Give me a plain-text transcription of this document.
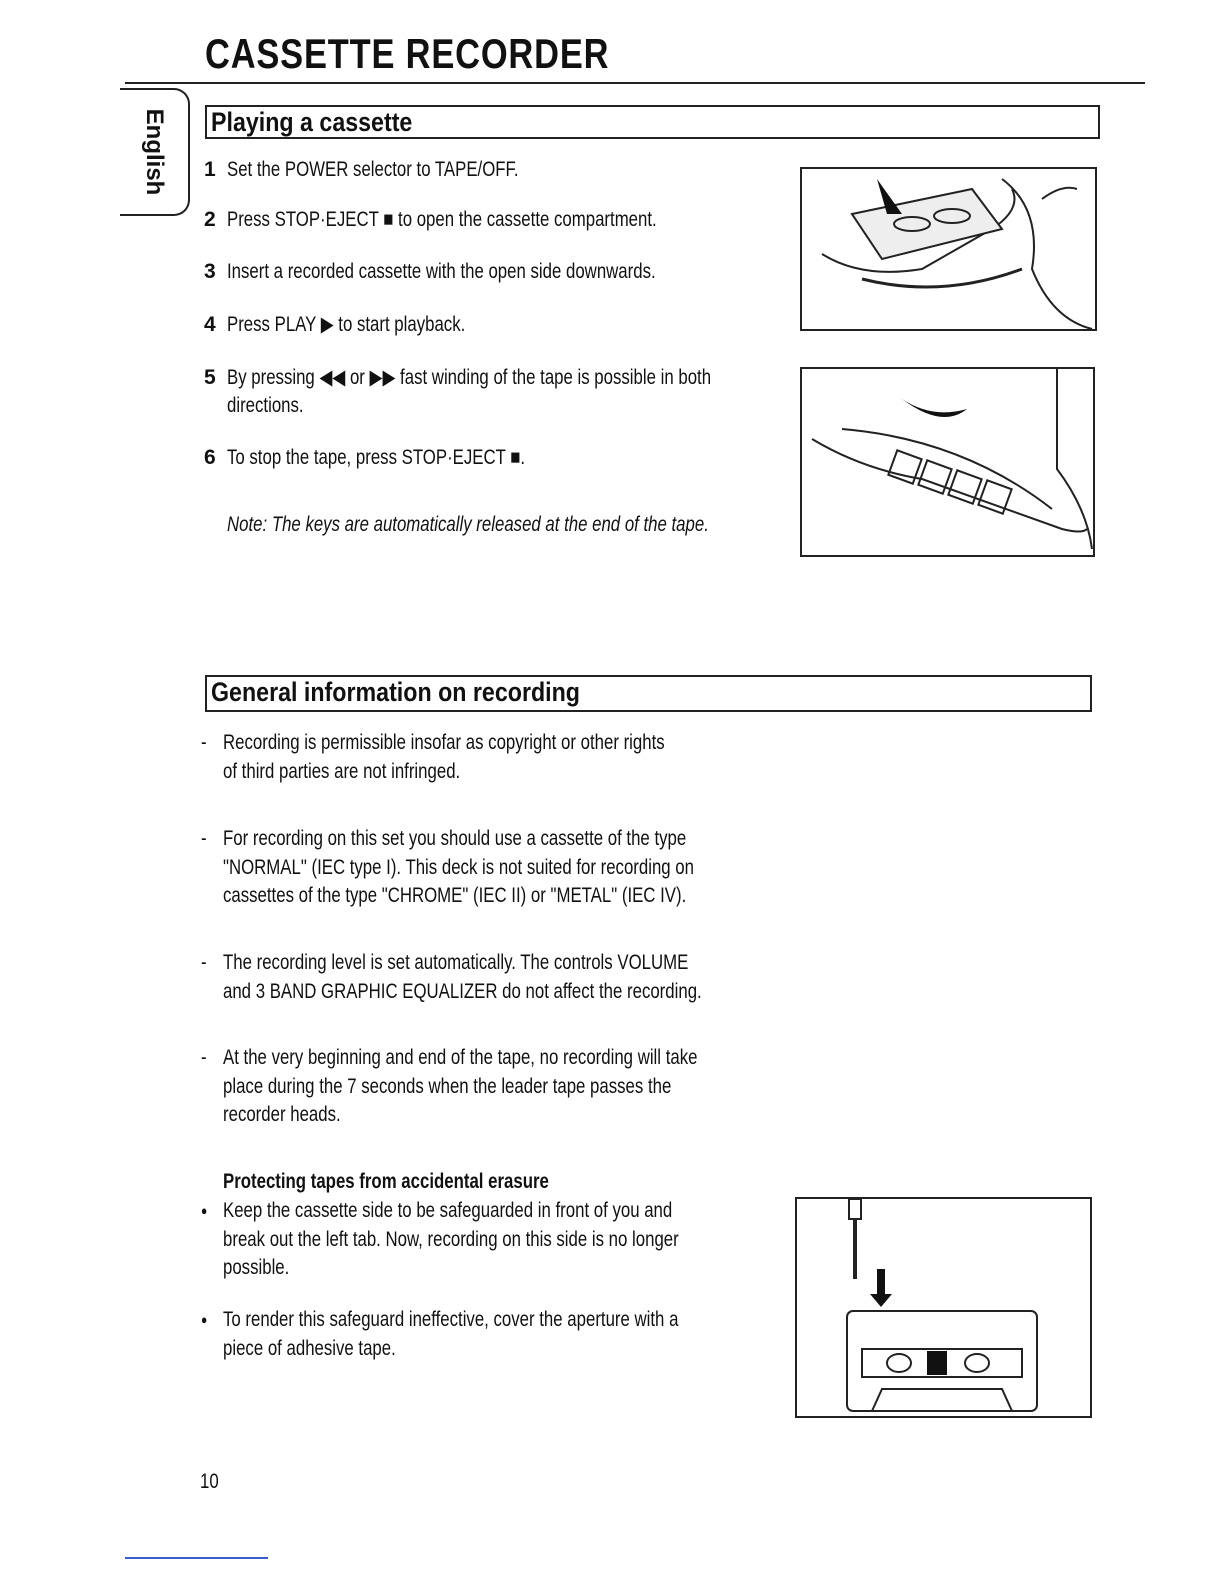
CASSETTE RECORDER
English Playing a cassette
1 Set the POWER selector to TAPE/OFF.
2 Press STOP·EJECT ■ to open the cassette compartment.
3 Insert a recorded cassette with the open side downwards.
4 Press PLAY ▶ to start playback.
5 By pressing ◀◀ or ▶▶ fast winding of the tape is possible in both
directions.
6 To stop the tape, press STOP·EJECT ■.
Note: The keys are automatically released at the end of the tape.
General information on recording
- Recording is permissible insofar as copyright or other rights
of third parties are not infringed.
- For recording on this set you should use a cassette of the type
"NORMAL" (IEC type I). This deck is not suited for recording on
cassettes of the type "CHROME" (IEC II) or "METAL" (IEC IV).
- The recording level is set automatically. The controls VOLUME
and 3 BAND GRAPHIC EQUALIZER do not affect the recording.
- At the very beginning and end of the tape, no recording will take
place during the 7 seconds when the leader tape passes the
recorder heads.
Protecting tapes from accidental erasure
● Keep the cassette side to be safeguarded in front of you and
break out the left tab. Now, recording on this side is no longer
possible.
● To render this safeguard ineffective, cover the aperture with a
piece of adhesive tape.
10
